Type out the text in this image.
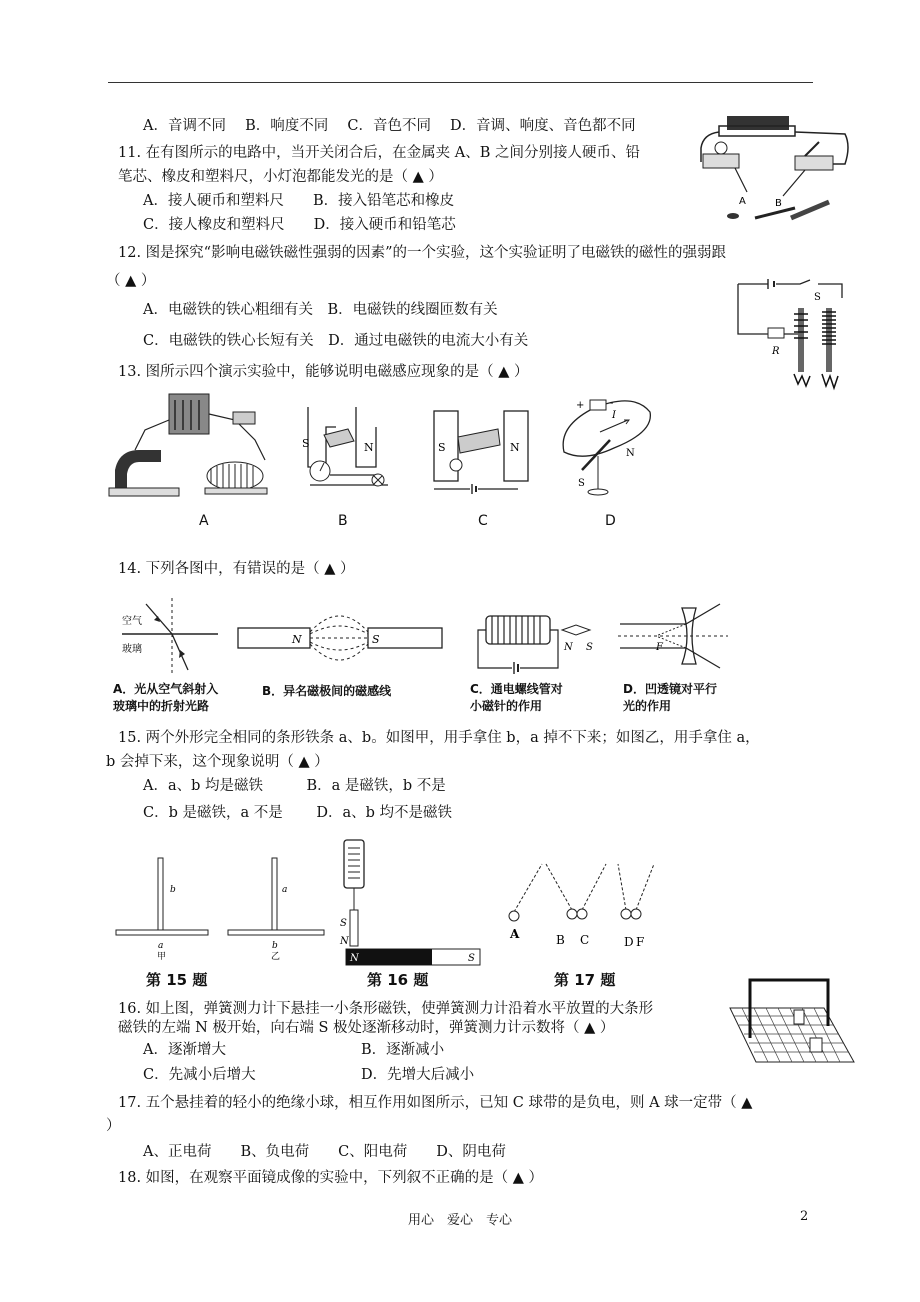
A．音调不同　 B．响度不同　 C．音色不同　 D．音调、响度、音色都不同
11. 在有图所示的电路中，当开关闭合后，在金属夹 A、B 之间分别接人硬币、铅
笔芯、橡皮和塑料尺，小灯泡都能发光的是（ ▲ ）
A．接人硬币和塑料尺　　B．接入铅笔芯和橡皮
C．接人橡皮和塑料尺　　D．接入硬币和铅笔芯
A	B
12. 图是探究“影响电磁铁磁性强弱的因素”的一个实验，这个实验证明了电磁铁的磁性的强弱跟
（ ▲ ）
A．电磁铁的铁心粗细有关　B．电磁铁的线圈匝数有关
C．电磁铁的铁心长短有关　D．通过电磁铁的电流大小有关
S
R
13. 图所示四个演示实验中，能够说明电磁感应现象的是（ ▲ ）
S	N	S	N
+	-
I
N
S
A	B	C	D
14. 下列各图中，有错误的是（ ▲ ）
空气
玻璃
N	S
N S	F
A．光从空气斜射入
玻璃中的折射光路
B．异名磁极间的磁感线	C．通电螺线管对
小磁针的作用
D．凹透镜对平行
光的作用
15. 两个外形完全相同的条形铁条 a、b。如图甲，用手拿住 b，a 掉不下来；如图乙，用手拿住 a，
b 会掉下来，这个现象说明（ ▲ ）
A．a、b 均是磁铁　　　B．a 是磁铁，b 不是
C．b 是磁铁，a 不是　　 D．a、b 均不是磁铁
b
a
甲
a
b
乙
S
N
N	S
A	B C	D F
第 15 题	第 16 题	第 17 题
16. 如上图，弹簧测力计下悬挂一小条形磁铁，使弹簧测力计沿着水平放置的大条形
磁铁的左端 N 极开始，向右端 S 极处逐渐移动时，弹簧测力计示数将（ ▲ ）
A．逐渐增大	B．逐渐减小
C．先减小后增大	D．先增大后减小
17. 五个悬挂着的轻小的绝缘小球，相互作用如图所示，已知 C 球带的是负电，则 A 球一定带（ ▲
）
A、正电荷　　B、负电荷　　C、阳电荷　　D、阴电荷
18. 如图，在观察平面镜成像的实验中，下列叙不正确的是（ ▲ ）
用心　爱心　专心	2
